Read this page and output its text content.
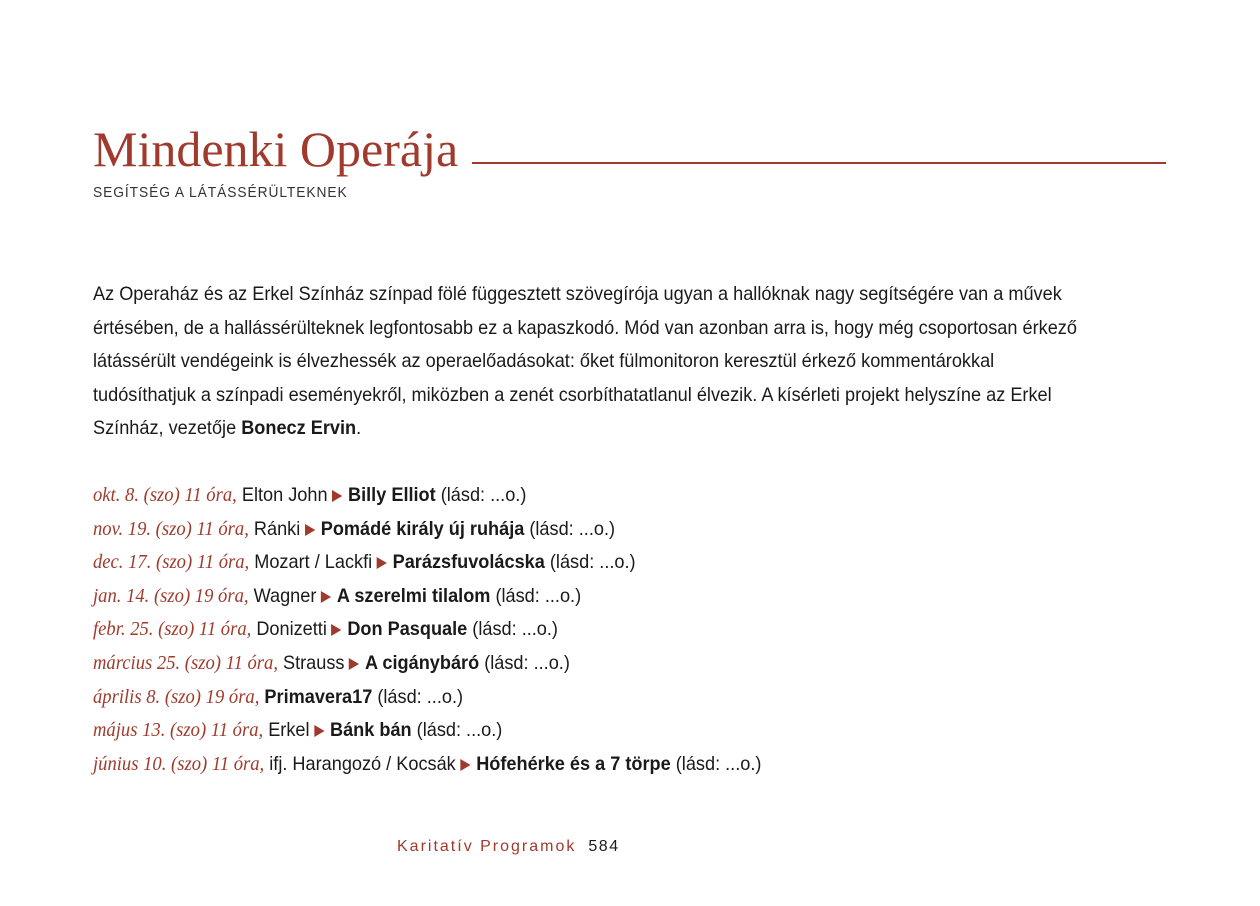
Mindenki Operája
SEGÍTSÉG A LÁTÁSSÉRÜLTEKNEK

Az Operaház és az Erkel Színház színpad fölé függesztett szövegírója ugyan a hallóknak nagy segítségére van a művek értésében, de a hallássérülteknek legfontosabb ez a kapaszkodó. Mód van azonban arra is, hogy még csoportosan érkező látássérült vendégeink is élvezhessék az operaelőadásokat: őket fülmonitoron keresztül érkező kommentárokkal tudósíthatjuk a színpadi eseményekről, miközben a zenét csorbíthatatlanul élvezik. A kísérleti projekt helyszíne az Erkel Színház, vezetője Bonecz Ervin.

okt. 8. (szo) 11 óra, Elton John Billy Elliot (lásd: ...o.)
nov. 19. (szo) 11 óra, Ránki Pomádé király új ruhája (lásd: ...o.)
dec. 17. (szo) 11 óra, Mozart / Lackfi Parázsfuvolácska (lásd: ...o.)
jan. 14. (szo) 19 óra, Wagner A szerelmi tilalom (lásd: ...o.)
febr. 25. (szo) 11 óra, Donizetti Don Pasquale (lásd: ...o.)
március 25. (szo) 11 óra, Strauss A cigánybáró (lásd: ...o.)
április 8. (szo) 19 óra, Primavera17 (lásd: ...o.)
május 13. (szo) 11 óra, Erkel Bánk bán (lásd: ...o.)
június 10. (szo) 11 óra, ifj. Harangozó / Kocsák Hófehérke és a 7 törpe (lásd: ...o.)
Karitatív Programok 584
